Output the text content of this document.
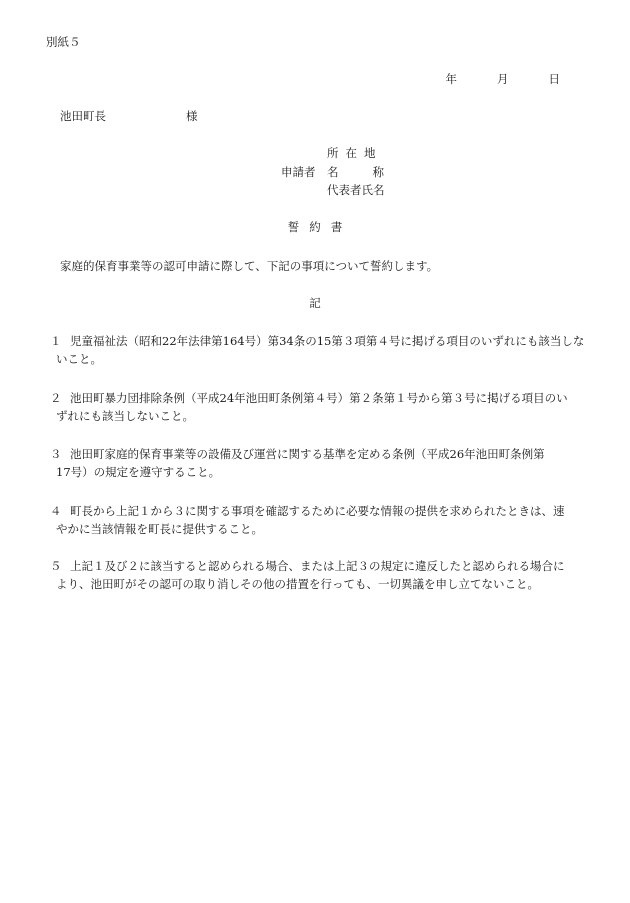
別紙５
年	月	日
池田町長	様
申請者
所在地
名	称
代表者氏名
誓約書
家庭的保育事業等の認可申請に際して、下記の事項について誓約します。
記
１ 児童福祉法（昭和22年法律第164号）第34条の15第３項第４号に掲げる項目のいずれにも該当しな
いこと。
２ 池田町暴力団排除条例（平成24年池田町条例第４号）第２条第１号から第３号に掲げる項目のい
ずれにも該当しないこと。
３ 池田町家庭的保育事業等の設備及び運営に関する基準を定める条例（平成26年池田町条例第
17号）の規定を遵守すること。
４ 町長から上記１から３に関する事項を確認するために必要な情報の提供を求められたときは、速
やかに当該情報を町長に提供すること。
５ 上記１及び２に該当すると認められる場合、または上記３の規定に違反したと認められる場合に
より、池田町がその認可の取り消しその他の措置を行っても、一切異議を申し立てないこと。
